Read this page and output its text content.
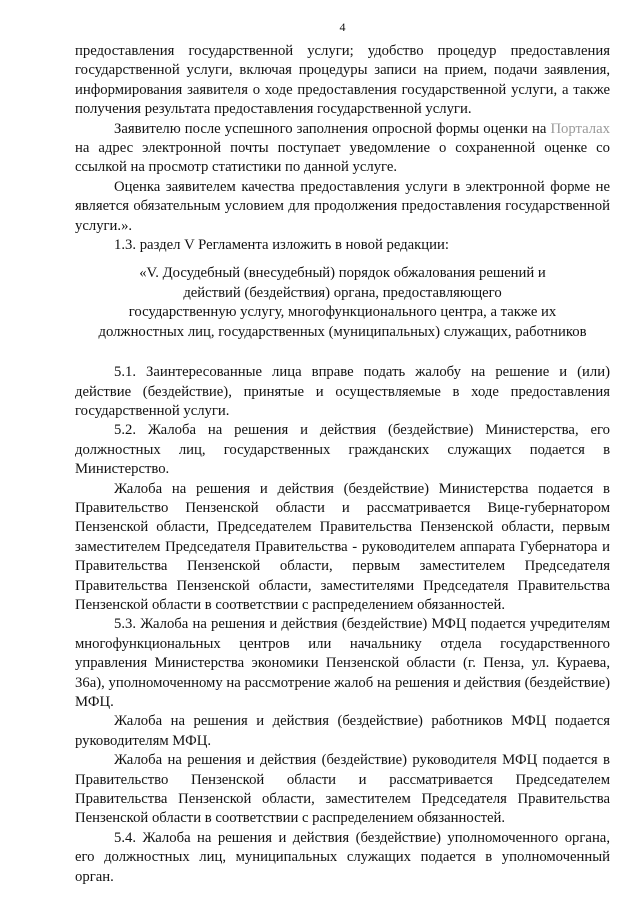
4

предоставления государственной услуги; удобство процедур предоставления государственной услуги, включая процедуры записи на прием, подачи заявления, информирования заявителя о ходе предоставления государственной услуги, а также получения результата предоставления государственной услуги.

Заявителю после успешного заполнения опросной формы оценки на Порталах на адрес электронной почты поступает уведомление о сохраненной оценке со ссылкой на просмотр статистики по данной услуге.

Оценка заявителем качества предоставления услуги в электронной форме не является обязательным условием для продолжения предоставления государственной услуги.».

1.3. раздел V Регламента изложить в новой редакции:

«V. Досудебный (внесудебный) порядок обжалования решений и
действий (бездействия) органа, предоставляющего
государственную услугу, многофункционального центра, а также их
должностных лиц, государственных (муниципальных) служащих, работников

5.1. Заинтересованные лица вправе подать жалобу на решение и (или) действие (бездействие), принятые и осуществляемые в ходе предоставления государственной услуги.

5.2. Жалоба на решения и действия (бездействие) Министерства, его должностных лиц, государственных гражданских служащих подается в Министерство.

Жалоба на решения и действия (бездействие) Министерства подается в Правительство Пензенской области и рассматривается Вице-губернатором Пензенской области, Председателем Правительства Пензенской области, первым заместителем Председателя Правительства - руководителем аппарата Губернатора и Правительства Пензенской области, первым заместителем Председателя Правительства Пензенской области, заместителями Председателя Правительства Пензенской области в соответствии с распределением обязанностей.

5.3. Жалоба на решения и действия (бездействие) МФЦ подается учредителям многофункциональных центров или начальнику отдела государственного управления Министерства экономики Пензенской области (г. Пенза, ул. Кураева, 36а), уполномоченному на рассмотрение жалоб на решения и действия (бездействие) МФЦ.

Жалоба на решения и действия (бездействие) работников МФЦ подается руководителям МФЦ.

Жалоба на решения и действия (бездействие) руководителя МФЦ подается в Правительство Пензенской области и рассматривается Председателем Правительства Пензенской области, заместителем Председателя Правительства Пензенской области в соответствии с распределением обязанностей.

5.4. Жалоба на решения и действия (бездействие) уполномоченного органа, его должностных лиц, муниципальных служащих подается в уполномоченный орган.
